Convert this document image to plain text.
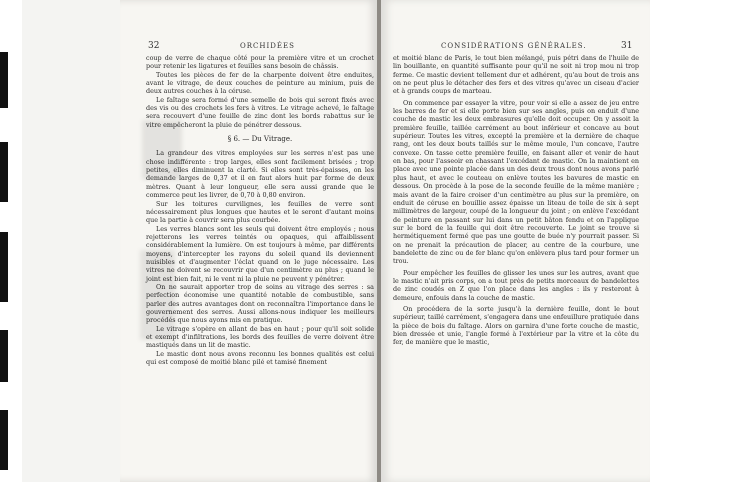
32	ORCHIDÉES

coup de verre de chaque côté pour la première vitre et un crochet pour retenir les ligatures et feuilles sans besoin de châssis.

Toutes les pièces de fer de la charpente doivent être enduites, avant le vitrage, de deux couches de peinture au minium, puis de deux autres couches à la céruse.

Le faîtage sera formé d'une semelle de bois qui seront fixés avec des vis ou des crochets les fers à vitres. Le vitrage achevé, le faîtage sera recouvert d'une feuille de zinc dont les bords rabattus sur le vitre empêcheront la pluie de pénétrer dessous.

§ 6. — Du Vitrage.

La grandeur des vitres employées sur les serres n'est pas une chose indifférente : trop larges, elles sont facilement brisées ; trop petites, elles diminuent la clarté. Si elles sont très-épaisses, on les demande larges de 0,37 et il en faut alors huit par forme de deux mètres. Quant à leur longueur, elle sera aussi grande que le commerce peut les livrer, de 0,70 à 0,80 environ.

Sur les toitures curvilignes, les feuilles de verre sont nécessairement plus longues que hautes et le seront d'autant moins que la partie à couvrir sera plus courbée.

Les verres blancs sont les seuls qui doivent être employés ; nous rejetterons les verres teintés ou opaques, qui affaiblissent considérablement la lumière. On est toujours à même, par différents moyens, d'intercepter les rayons du soleil quand ils deviennent nuisibles et d'augmenter l'éclat quand on le juge nécessaire. Les vitres ne doivent se recouvrir que d'un centimètre au plus ; quand le joint est bien fait, ni le vent ni la pluie ne peuvent y pénétrer.

On ne saurait apporter trop de soins au vitrage des serres : sa perfection économise une quantité notable de combustible, sans parler des autres avantages dont on reconnaîtra l'importance dans le gouvernement des serres. Aussi allons-nous indiquer les meilleurs procédés que nous ayons mis en pratique.

Le vitrage s'opère en allant de bas en haut ; pour qu'il soit solide et exempt d'infiltrations, les bords des feuilles de verre doivent être mastiqués dans un lit de mastic.

Le mastic dont nous avons reconnu les bonnes qualités est celui qui est composé de moitié blanc pilé et tamisé finement

CONSIDÉRATIONS GÉNÉRALES.	31

et moitié blanc de Paris, le tout bien mélangé, puis pétri dans de l'huile de lin bouillante, en quantité suffisante pour qu'il ne soit ni trop mou ni trop ferme. Ce mastic devient tellement dur et adhérent, qu'au bout de trois ans on ne peut plus le détacher des fers et des vitres qu'avec un ciseau d'acier et à grands coups de marteau.

On commence par essayer la vitre, pour voir si elle a assez de jeu entre les barres de fer et si elle porte bien sur ses angles, puis on enduit d'une couche de mastic les deux embrasures qu'elle doit occuper. On y assoit la première feuille, taillée carrément au bout inférieur et concave au bout supérieur. Toutes les vitres, excepté la première et la dernière de chaque rang, ont les deux bouts taillés sur le même moule, l'un concave, l'autre convexe. On tasse cette première feuille, en faisant aller et venir de haut en bas, pour l'asseoir en chassant l'excédant de mastic. On la maintient en place avec une pointe placée dans un des deux trous dont nous avons parlé plus haut, et avec le couteau on enlève toutes les bavures de mastic en dessous. On procède à la pose de la seconde feuille de la même manière ; mais avant de la faire croiser d'un centimètre au plus sur la première, on enduit de céruse en bouillie assez épaisse un liteau de toile de six à sept millimètres de largeur, coupé de la longueur du joint ; on enlève l'excédant de peinture en passant sur lui dans un petit bâton fendu et on l'applique sur le bord de la feuille qui doit être recouverte. Le joint se trouve si hermétiquement fermé que pas une goutte de buée n'y pourrait passer. Si on ne prenait la précaution de placer, au centre de la courbure, une bandelette de zinc ou de fer blanc qu'on enlèvera plus tard pour former un trou.

Pour empêcher les feuilles de glisser les unes sur les autres, avant que le mastic n'ait pris corps, on a tout près de petits morceaux de bandelettes de zinc coudés en Z que l'on place dans les angles : ils y resteront à demeure, enfouis dans la couche de mastic.

On procédera de la sorte jusqu'à la dernière feuille, dont le bout supérieur, taillé carrément, s'engagera dans une enfeuillure pratiquée dans la pièce de bois du faîtage. Alors on garnira d'une forte couche de mastic, bien dressée et unie, l'angle formé à l'extérieur par la vitre et la côte du fer, de manière que le mastic,
